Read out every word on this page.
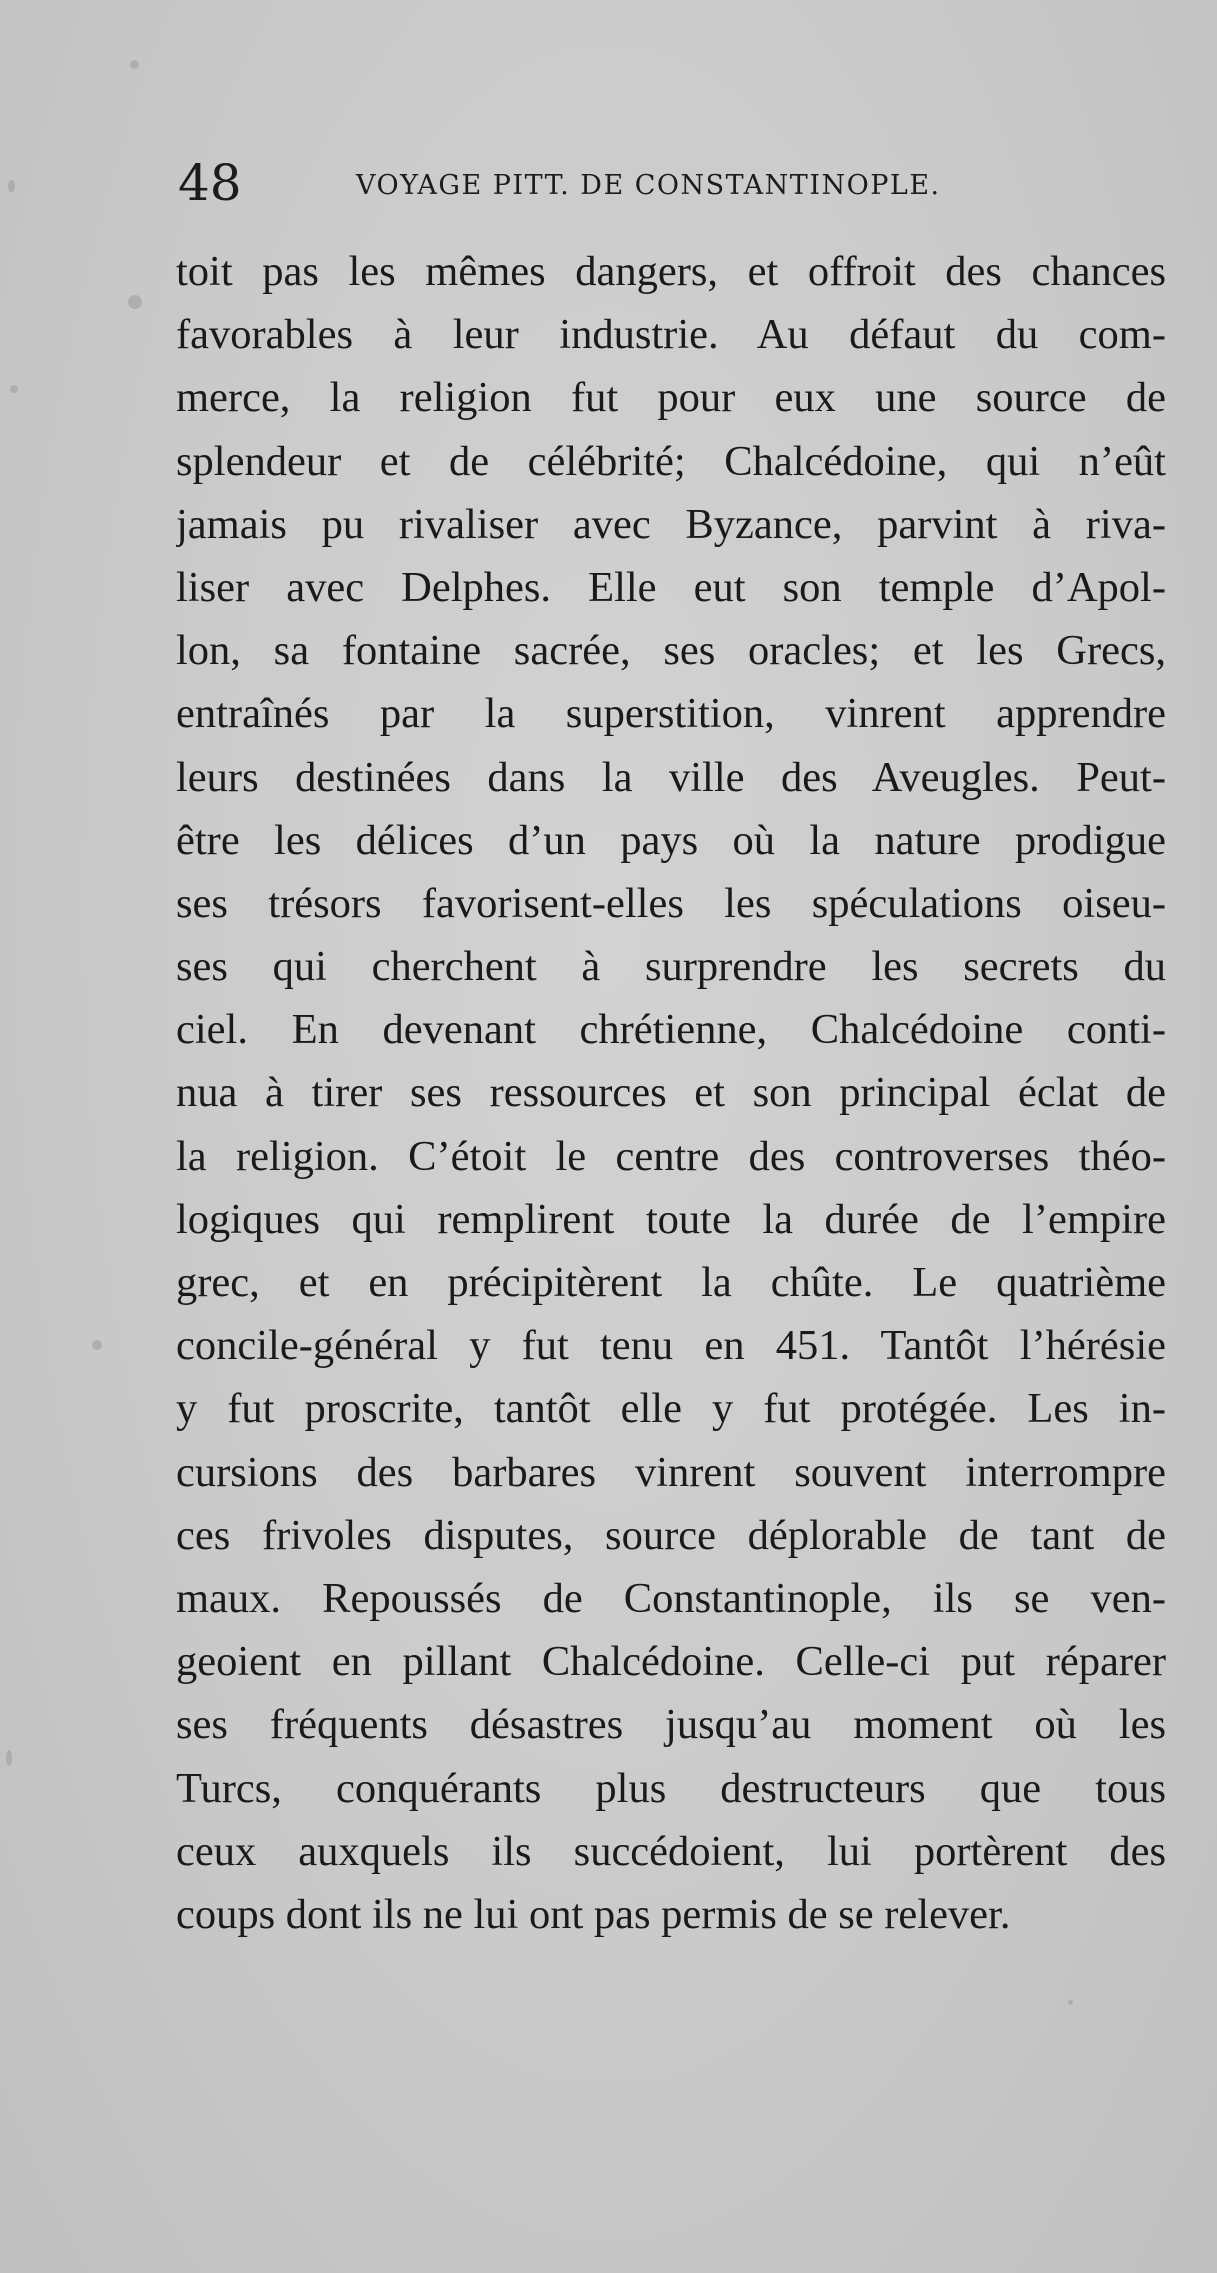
48	VOYAGE PITT. DE CONSTANTINOPLE.
toit pas les mêmes dangers, et offroit des chances
favorables à leur industrie. Au défaut du com-
merce, la religion fut pour eux une source de
splendeur et de célébrité; Chalcédoine, qui n’eût
jamais pu rivaliser avec Byzance, parvint à riva-
liser avec Delphes. Elle eut son temple d’Apol-
lon, sa fontaine sacrée, ses oracles; et les Grecs,
entraînés par la superstition, vinrent apprendre
leurs destinées dans la ville des Aveugles. Peut-
être les délices d’un pays où la nature prodigue
ses trésors favorisent-elles les spéculations oiseu-
ses qui cherchent à surprendre les secrets du
ciel. En devenant chrétienne, Chalcédoine conti-
nua à tirer ses ressources et son principal éclat de
la religion. C’étoit le centre des controverses théo-
logiques qui remplirent toute la durée de l’empire
grec, et en précipitèrent la chûte. Le quatrième
concile-général y fut tenu en 451. Tantôt l’hérésie
y fut proscrite, tantôt elle y fut protégée. Les in-
cursions des barbares vinrent souvent interrompre
ces frivoles disputes, source déplorable de tant de
maux. Repoussés de Constantinople, ils se ven-
geoient en pillant Chalcédoine. Celle-ci put réparer
ses fréquents désastres jusqu’au moment où les
Turcs, conquérants plus destructeurs que tous
ceux auxquels ils succédoient, lui portèrent des
coups dont ils ne lui ont pas permis de se relever.
